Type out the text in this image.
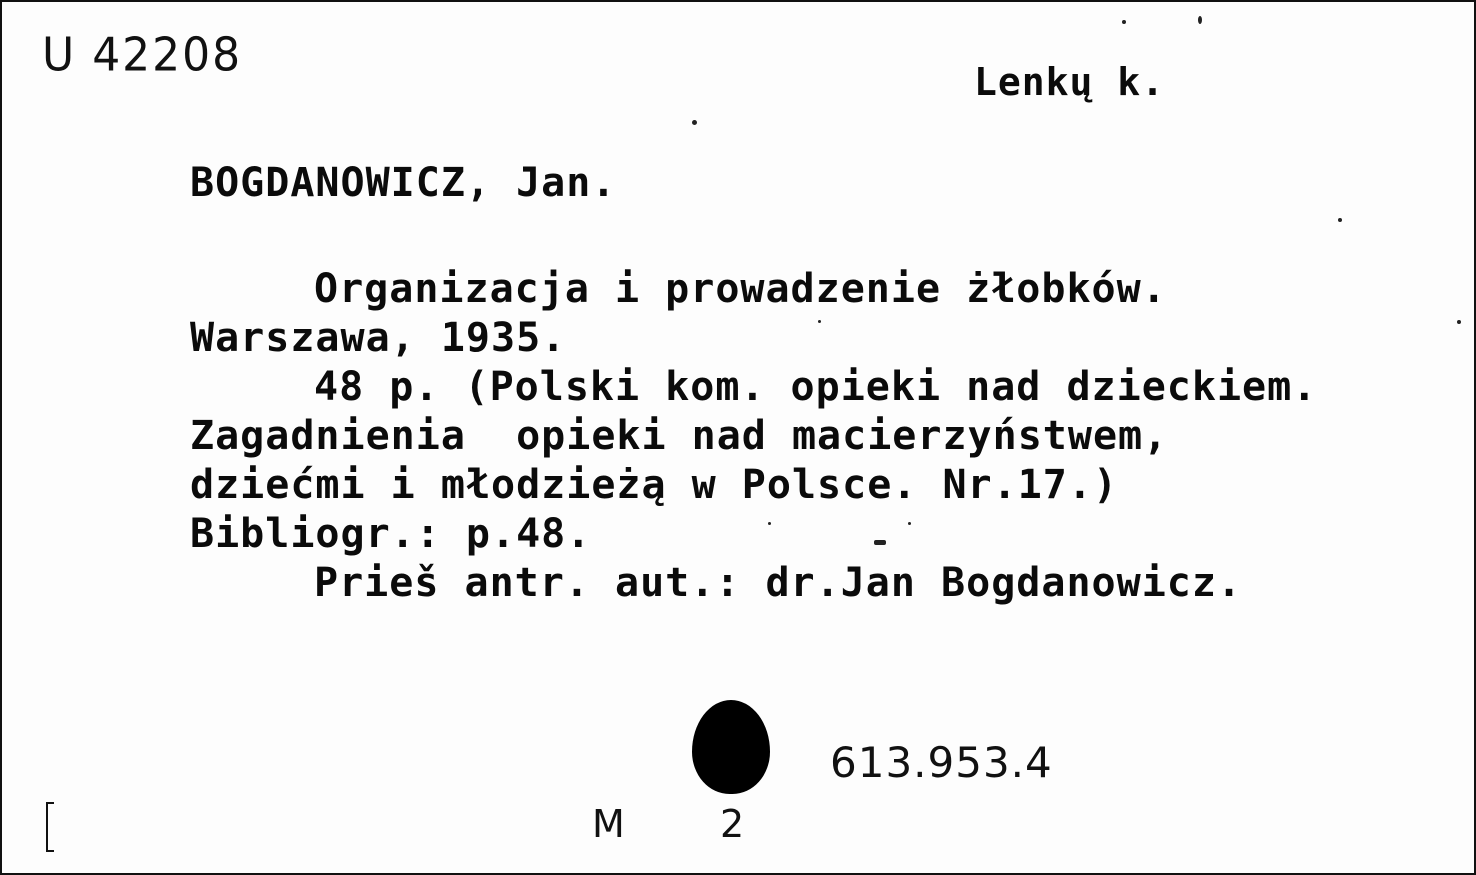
U 42208	Lenkų k.
BOGDANOWICZ, Jan.
Organizacja i prowadzenie żłobków.
Warszawa, 1935.
48 p. (Polski kom. opieki nad dzieckiem.
Zagadnienia  opieki nad macierzyństwem,
dziećmi i młodzieżą w Polsce. Nr.17.)
Bibliogr.: p.48.
Prieš antr. aut.: dr.Jan Bogdanowicz.
613.953.4
M	2
